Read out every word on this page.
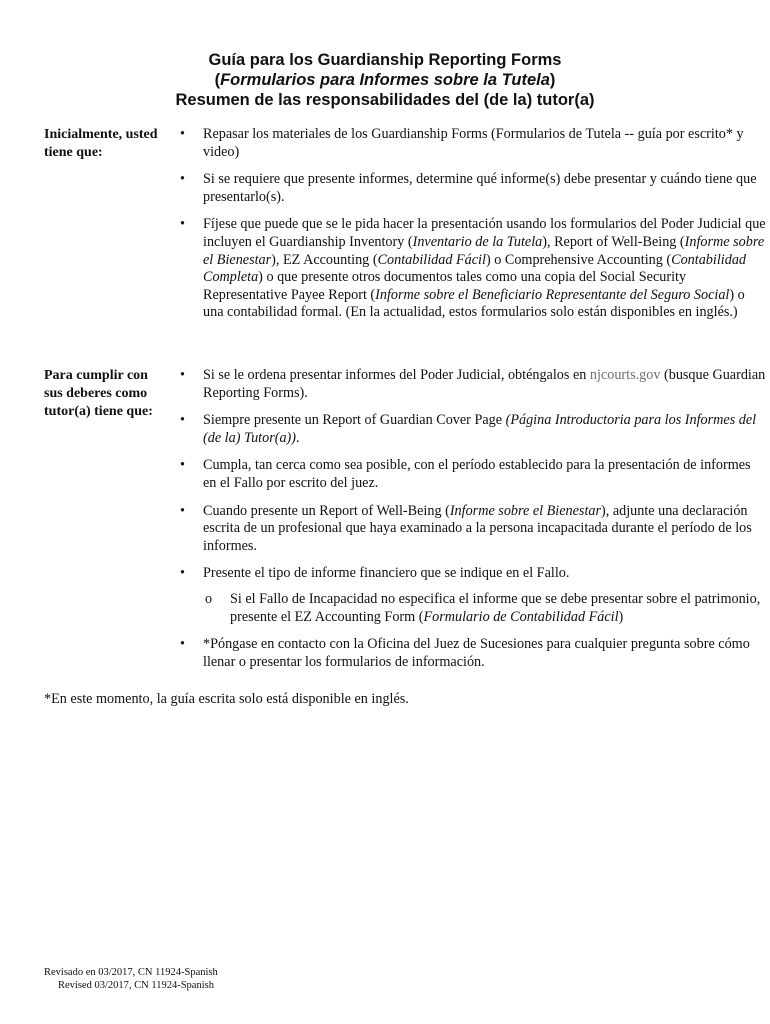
Guía para los Guardianship Reporting Forms
(Formularios para Informes sobre la Tutela)
Resumen de las responsabilidades del (de la) tutor(a)
Inicialmente, usted tiene que:
• Repasar los materiales de los Guardianship Forms (Formularios de Tutela -- guía por escrito* y video)
• Si se requiere que presente informes, determine qué informe(s) debe presentar y cuándo tiene que presentarlo(s).
• Fíjese que puede que se le pida hacer la presentación usando los formularios del Poder Judicial que incluyen el Guardianship Inventory (Inventario de la Tutela), Report of Well-Being (Informe sobre el Bienestar), EZ Accounting (Contabilidad Fácil) o Comprehensive Accounting (Contabilidad Completa) o que presente otros documentos tales como una copia del Social Security Representative Payee Report (Informe sobre el Beneficiario Representante del Seguro Social) o una contabilidad formal. (En la actualidad, estos formularios solo están disponibles en inglés.)
Para cumplir con sus deberes como tutor(a) tiene que:
• Si se le ordena presentar informes del Poder Judicial, obténgalos en njcourts.gov (busque Guardian Reporting Forms).
• Siempre presente un Report of Guardian Cover Page (Página Introductoria para los Informes del (de la) Tutor(a)).
• Cumpla, tan cerca como sea posible, con el período establecido para la presentación de informes en el Fallo por escrito del juez.
• Cuando presente un Report of Well-Being (Informe sobre el Bienestar), adjunte una declaración escrita de un profesional que haya examinado a la persona incapacitada durante el período de los informes.
• Presente el tipo de informe financiero que se indique en el Fallo.
o Si el Fallo de Incapacidad no especifica el informe que se debe presentar sobre el patrimonio, presente el EZ Accounting Form (Formulario de Contabilidad Fácil)
• *Póngase en contacto con la Oficina del Juez de Sucesiones para cualquier pregunta sobre cómo llenar o presentar los formularios de información.
*En este momento, la guía escrita solo está disponible en inglés.
Revisado en 03/2017, CN 11924-Spanish
Revised 03/2017, CN 11924-Spanish
